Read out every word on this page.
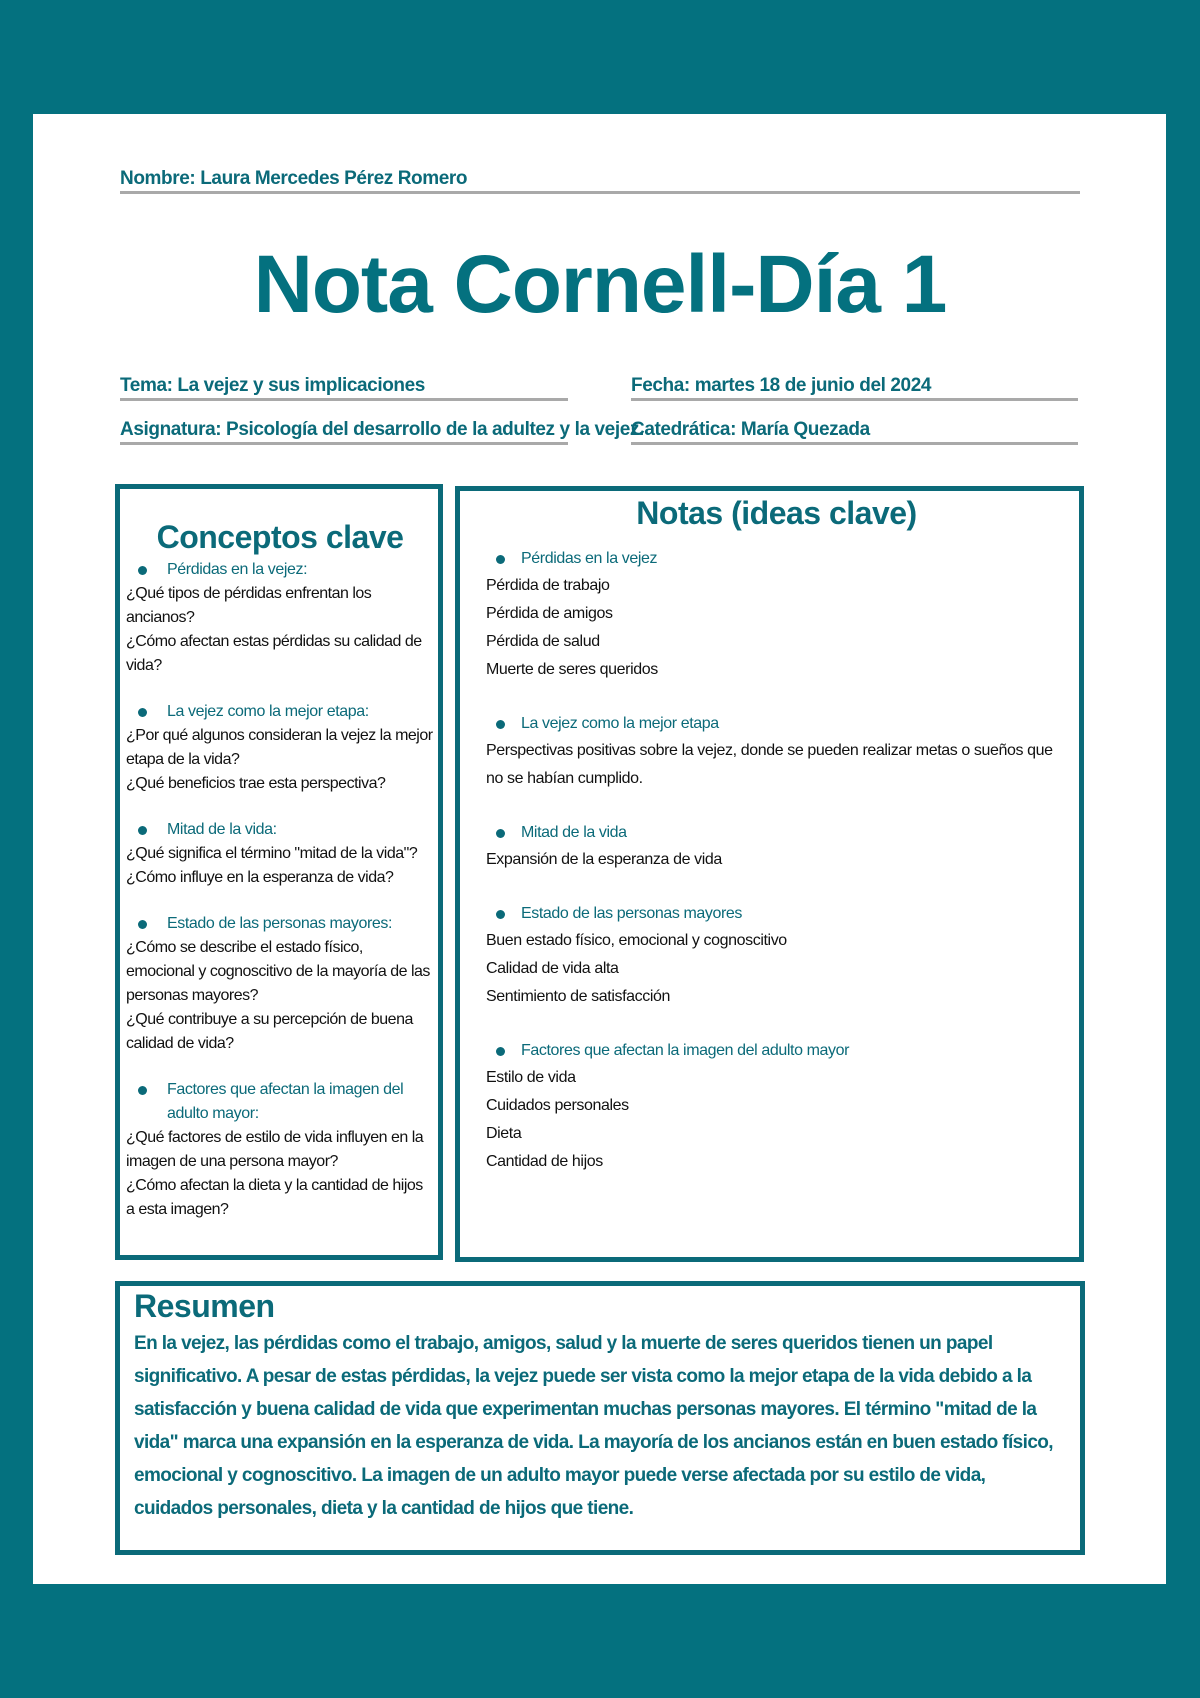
Nombre: Laura Mercedes Pérez Romero
Nota Cornell-Día 1
Tema: La vejez y sus implicaciones	Fecha: martes 18 de junio del 2024
Asignatura: Psicología del desarrollo de la adultez y la vejez.
Catedrática: María Quezada
Conceptos clave
Pérdidas en la vejez:
¿Qué tipos de pérdidas enfrentan los ancianos?
¿Cómo afectan estas pérdidas su calidad de vida?
La vejez como la mejor etapa:
¿Por qué algunos consideran la vejez la mejor etapa de la vida?
¿Qué beneficios trae esta perspectiva?
Mitad de la vida:
¿Qué significa el término "mitad de la vida"?
¿Cómo influye en la esperanza de vida?
Estado de las personas mayores:
¿Cómo se describe el estado físico, emocional y cognoscitivo de la mayoría de las personas mayores?
¿Qué contribuye a su percepción de buena calidad de vida?
Factores que afectan la imagen del adulto mayor:
¿Qué factores de estilo de vida influyen en la imagen de una persona mayor?
¿Cómo afectan la dieta y la cantidad de hijos a esta imagen?
Notas (ideas clave)
Pérdidas en la vejez
Pérdida de trabajo
Pérdida de amigos
Pérdida de salud
Muerte de seres queridos
La vejez como la mejor etapa
Perspectivas positivas sobre la vejez, donde se pueden realizar metas o sueños que no se habían cumplido.
Mitad de la vida
Expansión de la esperanza de vida
Estado de las personas mayores
Buen estado físico, emocional y cognoscitivo
Calidad de vida alta
Sentimiento de satisfacción
Factores que afectan la imagen del adulto mayor
Estilo de vida
Cuidados personales
Dieta
Cantidad de hijos
Resumen

En la vejez, las pérdidas como el trabajo, amigos, salud y la muerte de seres queridos tienen un papel significativo. A pesar de estas pérdidas, la vejez puede ser vista como la mejor etapa de la vida debido a la satisfacción y buena calidad de vida que experimentan muchas personas mayores. El término "mitad de la vida" marca una expansión en la esperanza de vida. La mayoría de los ancianos están en buen estado físico, emocional y cognoscitivo. La imagen de un adulto mayor puede verse afectada por su estilo de vida, cuidados personales, dieta y la cantidad de hijos que tiene.
